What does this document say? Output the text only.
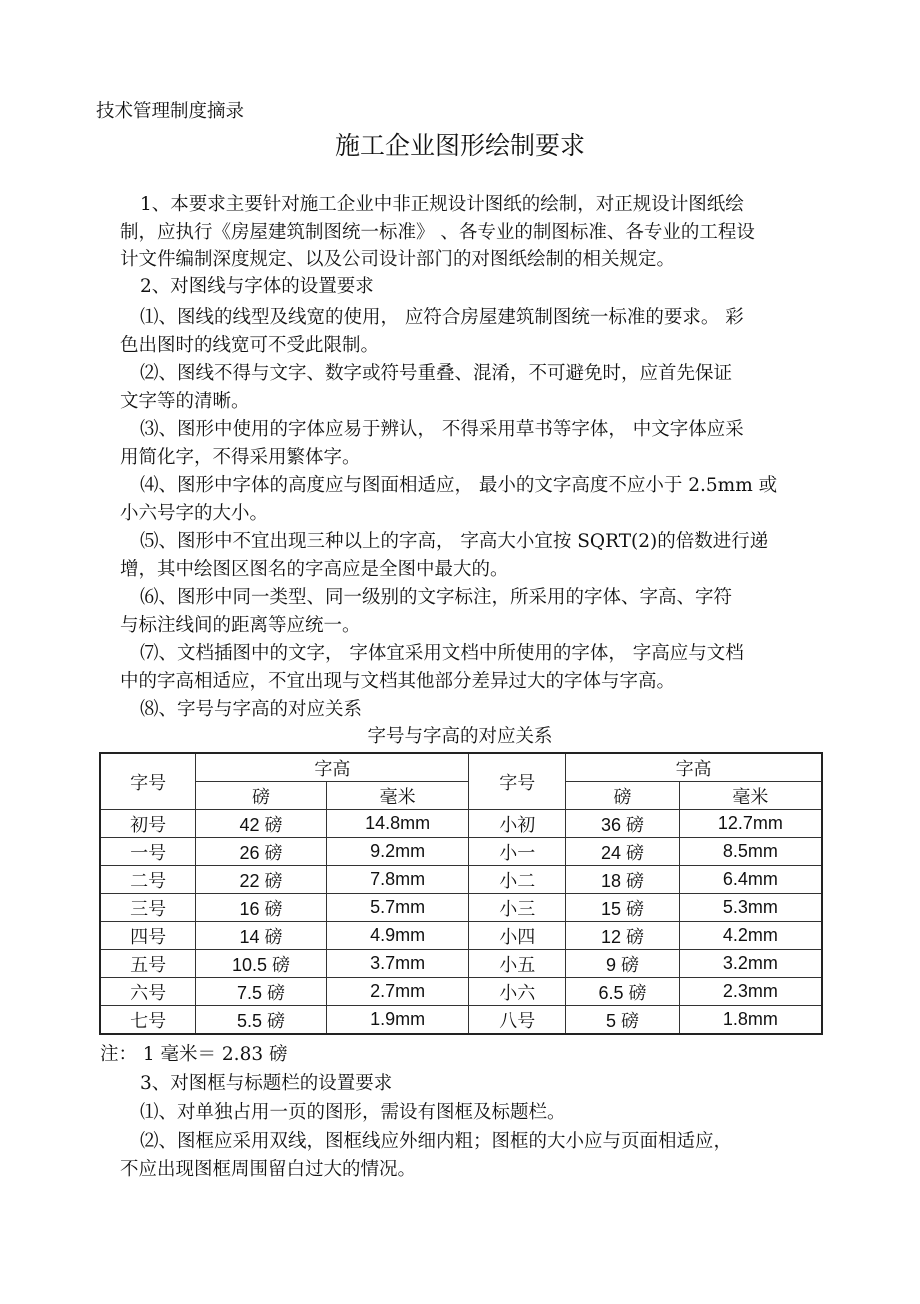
技术管理制度摘录
施工企业图形绘制要求
1、本要求主要针对施工企业中非正规设计图纸的绘制，对正规设计图纸绘
制，应执行《房屋建筑制图统一标准》 、各专业的制图标准、各专业的工程设
计文件编制深度规定、以及公司设计部门的对图纸绘制的相关规定。
2、对图线与字体的设置要求
⑴、图线的线型及线宽的使用， 应符合房屋建筑制图统一标准的要求。 彩
色出图时的线宽可不受此限制。
⑵、图线不得与文字、数字或符号重叠、混淆，不可避免时，应首先保证
文字等的清晰。
⑶、图形中使用的字体应易于辨认， 不得采用草书等字体， 中文字体应采
用简化字，不得采用繁体字。
⑷、图形中字体的高度应与图面相适应， 最小的文字高度不应小于 2.5mm 或
小六号字的大小。
⑸、图形中不宜出现三种以上的字高， 字高大小宜按 SQRT(2)的倍数进行递
增，其中绘图区图名的字高应是全图中最大的。
⑹、图形中同一类型、同一级别的文字标注，所采用的字体、字高、字符
与标注线间的距离等应统一。
⑺、文档插图中的文字， 字体宜采用文档中所使用的字体， 字高应与文档
中的字高相适应，不宜出现与文档其他部分差异过大的字体与字高。
⑻、字号与字高的对应关系
字号与字高的对应关系
字号	字高		字号	字高	
	磅	毫米		磅	毫米
初号	42 磅	14.8mm	小初	36 磅	12.7mm
一号	26 磅	9.2mm	小一	24 磅	8.5mm
二号	22 磅	7.8mm	小二	18 磅	6.4mm
三号	16 磅	5.7mm	小三	15 磅	5.3mm
四号	14 磅	4.9mm	小四	12 磅	4.2mm
五号	10.5 磅	3.7mm	小五	9 磅	3.2mm
六号	7.5 磅	2.7mm	小六	6.5 磅	2.3mm
七号	5.5 磅	1.9mm	八号	5 磅	1.8mm
注： 1 毫米＝ 2.83 磅
3、对图框与标题栏的设置要求
⑴、对单独占用一页的图形，需设有图框及标题栏。
⑵、图框应采用双线，图框线应外细内粗；图框的大小应与页面相适应，
不应出现图框周围留白过大的情况。
